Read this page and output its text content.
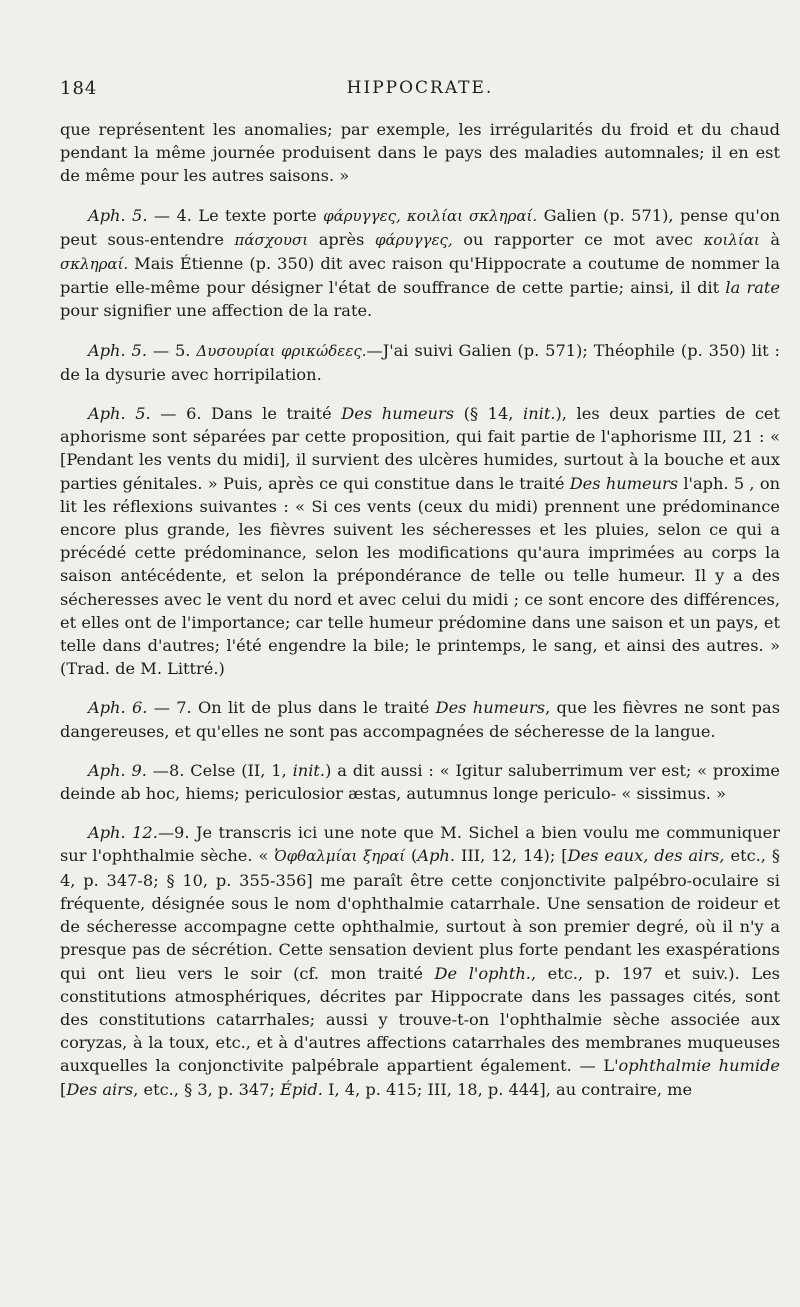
184	HIPPOCRATE.

que représentent les anomalies; par exemple, les irrégularités du froid et du chaud pendant la même journée produisent dans le pays des maladies automnales; il en est de même pour les autres saisons. »

Aph. 5. — 4. Le texte porte φάρυγγες, κοιλίαι σκληραί. Galien (p. 571), pense qu'on peut sous-entendre πάσχουσι après φάρυγγες, ou rapporter ce mot avec κοιλίαι à σκληραί. Mais Étienne (p. 350) dit avec raison qu'Hippocrate a coutume de nommer la partie elle-même pour désigner l'état de souffrance de cette partie; ainsi, il dit la rate pour signifier une affection de la rate.

Aph. 5. — 5. Δυσουρίαι φρικώδεες.—J'ai suivi Galien (p. 571); Théophile (p. 350) lit : de la dysurie avec horripilation.

Aph. 5. — 6. Dans le traité Des humeurs (§ 14, init.), les deux parties de cet aphorisme sont séparées par cette proposition, qui fait partie de l'aphorisme III, 21 : « [Pendant les vents du midi], il survient des ulcères humides, surtout à la bouche et aux parties génitales. » Puis, après ce qui constitue dans le traité Des humeurs l'aph. 5 , on lit les réflexions suivantes : « Si ces vents (ceux du midi) prennent une prédominance encore plus grande, les fièvres suivent les sécheresses et les pluies, selon ce qui a précédé cette prédominance, selon les modifications qu'aura imprimées au corps la saison antécédente, et selon la prépondérance de telle ou telle humeur. Il y a des sécheresses avec le vent du nord et avec celui du midi ; ce sont encore des différences, et elles ont de l'importance; car telle humeur prédomine dans une saison et un pays, et telle dans d'autres; l'été engendre la bile; le printemps, le sang, et ainsi des autres. » (Trad. de M. Littré.)

Aph. 6. — 7. On lit de plus dans le traité Des humeurs, que les fièvres ne sont pas dangereuses, et qu'elles ne sont pas accompagnées de sécheresse de la langue.

Aph. 9. —8. Celse (II, 1, init.) a dit aussi : « Igitur saluberrimum ver est; « proxime deinde ab hoc, hiems; periculosior æstas, autumnus longe periculo- « sissimus. »

Aph. 12.—9. Je transcris ici une note que M. Sichel a bien voulu me communiquer sur l'ophthalmie sèche. « Ὀφθαλμίαι ξηραί (Aph. III, 12, 14); [Des eaux, des airs, etc., § 4, p. 347-8; § 10, p. 355-356] me paraît être cette conjonctivite palpébro-oculaire si fréquente, désignée sous le nom d'ophthalmie catarrhale. Une sensation de roideur et de sécheresse accompagne cette ophthalmie, surtout à son premier degré, où il n'y a presque pas de sécrétion. Cette sensation devient plus forte pendant les exaspérations qui ont lieu vers le soir (cf. mon traité De l'ophth., etc., p. 197 et suiv.). Les constitutions atmosphériques, décrites par Hippocrate dans les passages cités, sont des constitutions catarrhales; aussi y trouve-t-on l'ophthalmie sèche associée aux coryzas, à la toux, etc., et à d'autres affections catarrhales des membranes muqueuses auxquelles la conjonctivite palpébrale appartient également. — L'ophthalmie humide [Des airs, etc., § 3, p. 347; Épid. I, 4, p. 415; III, 18, p. 444], au contraire, me
